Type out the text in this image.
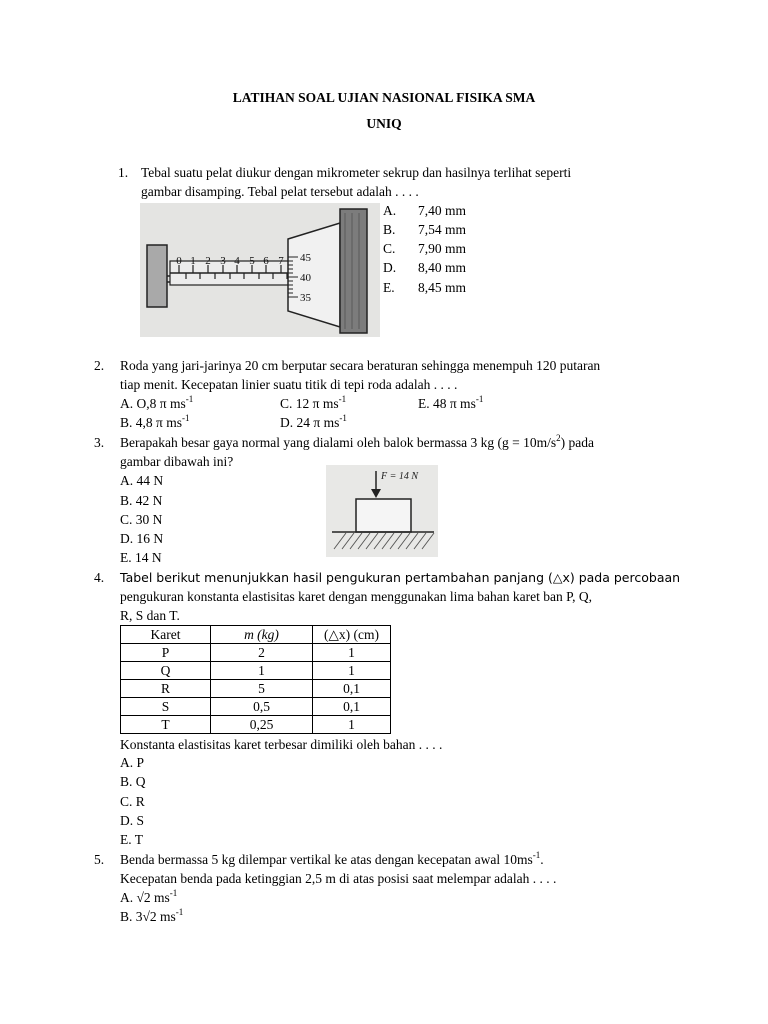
LATIHAN SOAL UJIAN NASIONAL FISIKA SMA
UNIQ
1. Tebal suatu pelat diukur dengan mikrometer sekrup dan hasilnya terlihat seperti
gambar disamping. Tebal pelat tersebut adalah . . . .
A. 7,40 mm
B. 7,54 mm
C. 7,90 mm
D. 8,40 mm
E. 8,45 mm
0 1 2 3 4 5 6 7 45
40
35
2. Roda yang jari-jarinya 20 cm berputar secara beraturan sehingga menempuh 120 putaran
tiap menit. Kecepatan linier suatu titik di tepi roda adalah . . . .
A. O,8 π $ms^{-1}$	C. 12 π $ms^{-1}$	E. 48 π $ms^{-1}$
B. 4,8 π $ms^{-1}$	D. 24 π $ms^{-1}$
3. Berapakah besar gaya normal yang dialami oleh balok bermassa 3 kg $(g = 10m/s^2)$ pada
gambar dibawah ini?
A. 44 N
B. 42 N
C. 30 N
D. 16 N
E. 14 N
F = 14 N
4. Tabel berikut menunjukkan hasil pengukuran pertambahan panjang (△x) pada percobaan
pengukuran konstanta elastisitas karet dengan menggunakan lima bahan karet ban P, Q,
R, S dan T.
Karet	m (kg)	(△x) (cm)
P	2	1
Q	1	1
R	5	0,1
S	0,5	0,1
T	0,25	1
Konstanta elastisitas karet terbesar dimiliki oleh bahan . . . .
A. P
B. Q
C. R
D. S
E. T
5. Benda bermassa 5 kg dilempar vertikal ke atas dengan kecepatan awal $10ms^{-1}$.
Kecepatan benda pada ketinggian 2,5 m di atas posisi saat melempar adalah . . . .
A. √2 $ms^{-1}$
B. 3√2 $ms^{-1}$
